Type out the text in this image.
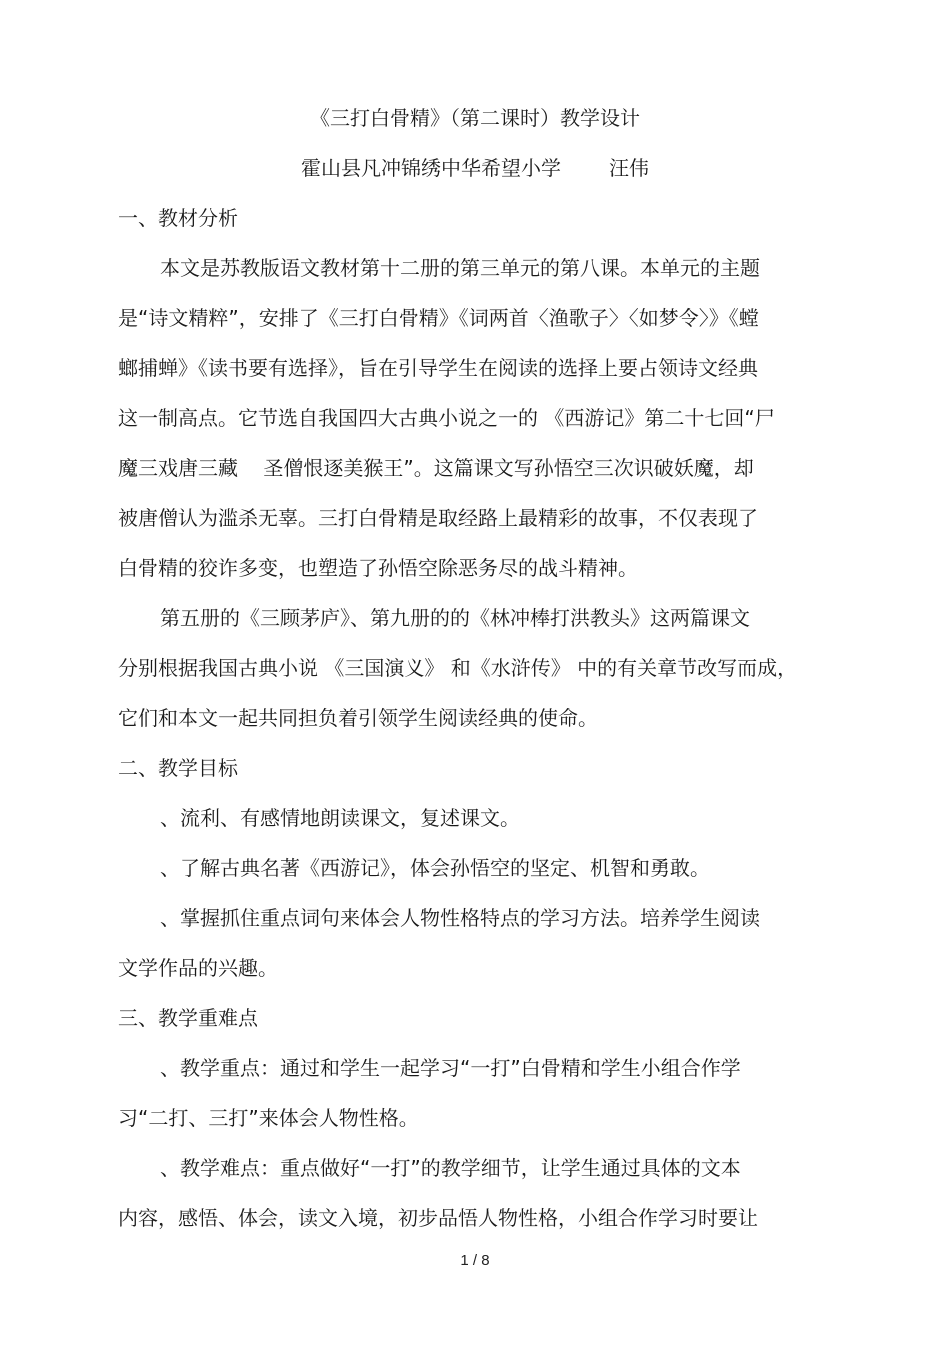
《三打白骨精》（第二课时）教学设计
霍山县凡冲锦绣中华希望小学 汪伟
一、教材分析
本文是苏教版语文教材第十二册的第三单元的第八课。本单元的主题
是“诗文精粹”，安排了《三打白骨精》《词两首〈渔歌子〉〈如梦令〉》《螳
螂捕蝉》《读书要有选择》，旨在引导学生在阅读的选择上要占领诗文经典
这一制高点。它节选自我国四大古典小说之一的 《西游记》第二十七回“尸
魔三戏唐三藏    圣僧恨逐美猴王”。这篇课文写孙悟空三次识破妖魔，却
被唐僧认为滥杀无辜。三打白骨精是取经路上最精彩的故事，不仅表现了
白骨精的狡诈多变，也塑造了孙悟空除恶务尽的战斗精神。
第五册的《三顾茅庐》、第九册的的《林冲棒打洪教头》这两篇课文
分别根据我国古典小说 《三国演义》 和《水浒传》 中的有关章节改写而成，
它们和本文一起共同担负着引领学生阅读经典的使命。
二、教学目标
、流利、有感情地朗读课文，复述课文。
、了解古典名著《西游记》，体会孙悟空的坚定、机智和勇敢。
、掌握抓住重点词句来体会人物性格特点的学习方法。培养学生阅读
文学作品的兴趣。
三、教学重难点
、教学重点：通过和学生一起学习“一打”白骨精和学生小组合作学
习“二打、三打”来体会人物性格。
、教学难点：重点做好“一打”的教学细节，让学生通过具体的文本
内容，感悟、体会，读文入境，初步品悟人物性格，小组合作学习时要让
1 / 8
